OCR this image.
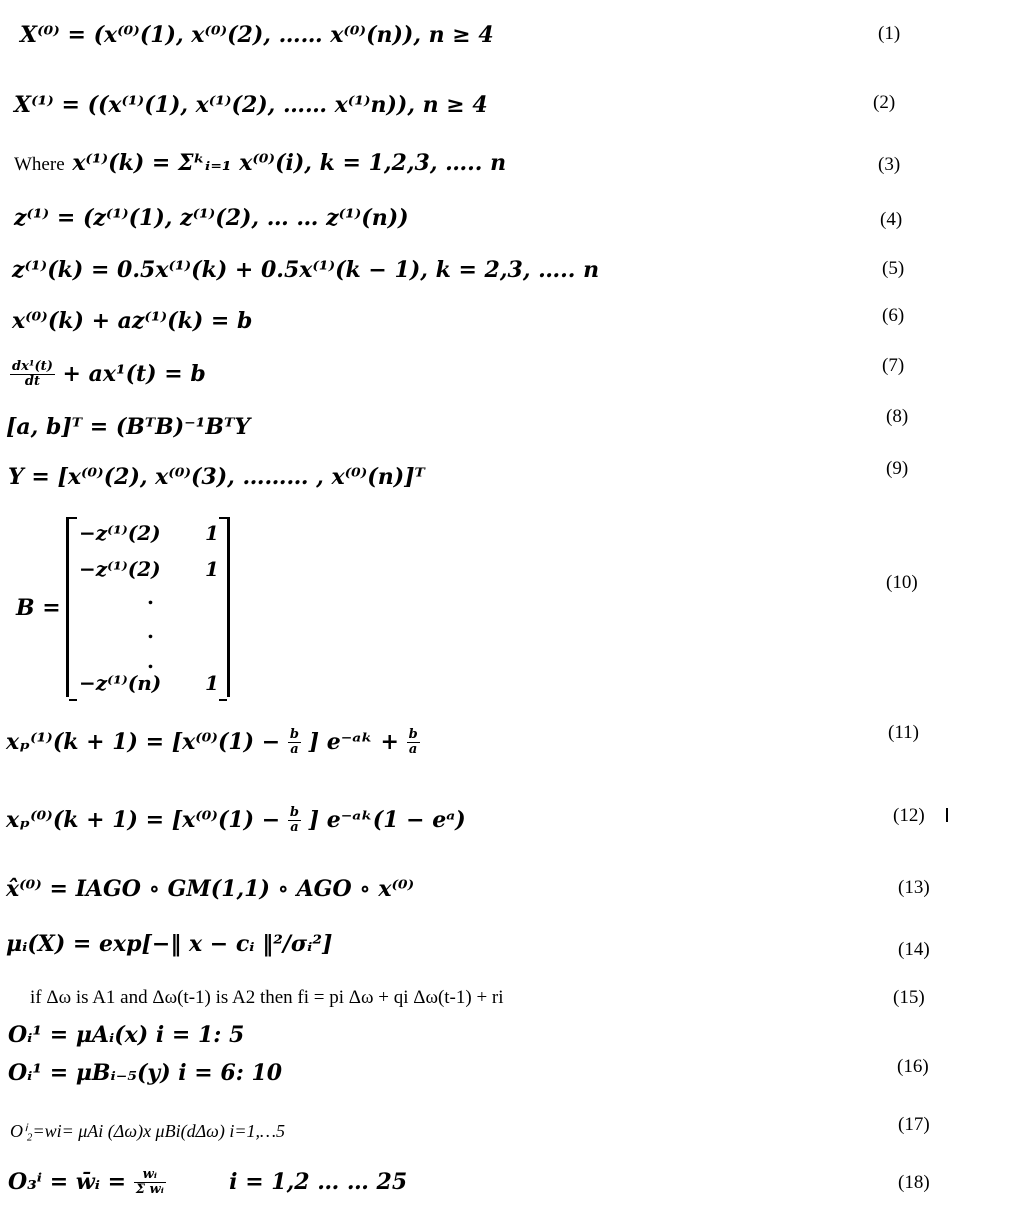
X⁽⁰⁾ = (x⁽⁰⁾(1), x⁽⁰⁾(2), …… x⁽⁰⁾(n)), n ≥ 4	(1)
X⁽¹⁾ = ((x⁽¹⁾(1), x⁽¹⁾(2), …… x⁽¹⁾n)), n ≥ 4	(2)
Where x⁽¹⁾(k) = Σᵏᵢ₌₁ x⁽⁰⁾(i), k = 1,2,3, ….. n	(3)
z⁽¹⁾ = (z⁽¹⁾(1), z⁽¹⁾(2), … … z⁽¹⁾(n))	(4)
z⁽¹⁾(k) = 0.5x⁽¹⁾(k) + 0.5x⁽¹⁾(k − 1), k = 2,3, ….. n	(5)
x⁽⁰⁾(k) + az⁽¹⁾(k) = b	(6)
$\frac{\text{dx¹(t)}}{dt} + ax^1(t) = b$	(7)
[a, b]ᵀ = (BᵀB)⁻¹BᵀY	(8)
Y = [x⁽⁰⁾(2), x⁽⁰⁾(3), ……… , x⁽⁰⁾(n)]ᵀ	(9)
B =
−z⁽¹⁾(2) 1
−z⁽¹⁾(2) 1
.
.
.
−z⁽¹⁾(n) 1
(10)
$x_p^{(1)}(k + 1) = [x^{(0)}(1) - \frac{b}{a}$ ] e⁻ᵃᵏ + $\frac{b}{a}$	(11)
$x_p^{(0)}(k + 1) = [x^{(0)}(1) - \frac{b}{a}$ ] e⁻ᵃᵏ(1 − eᵃ)	(12)
x̂⁽⁰⁾ = IAGO ∘ GM(1,1) ∘ AGO ∘ x⁽⁰⁾	(13)
μᵢ(X) = exp[−‖ x − cᵢ ‖²/σᵢ²]	(14)
if Δω is A1 and Δω(t-1) is A2 then fi = pi Δω + qi Δω(t-1) + ri	(15)
Oᵢ¹ = μAᵢ(x) i = 1: 5
Oᵢ¹ = μBᵢ₋₅(y) i = 6: 10	(16)
Oⁱ₂=wi= μAi (Δω)x μBi(dΔω) i=1,…5	(17)
O₃ⁱ = w̄ᵢ = $\frac{\text{wᵢ}}{\text{Σ wᵢ}}$	i = 1,2 … … 25	(18)
